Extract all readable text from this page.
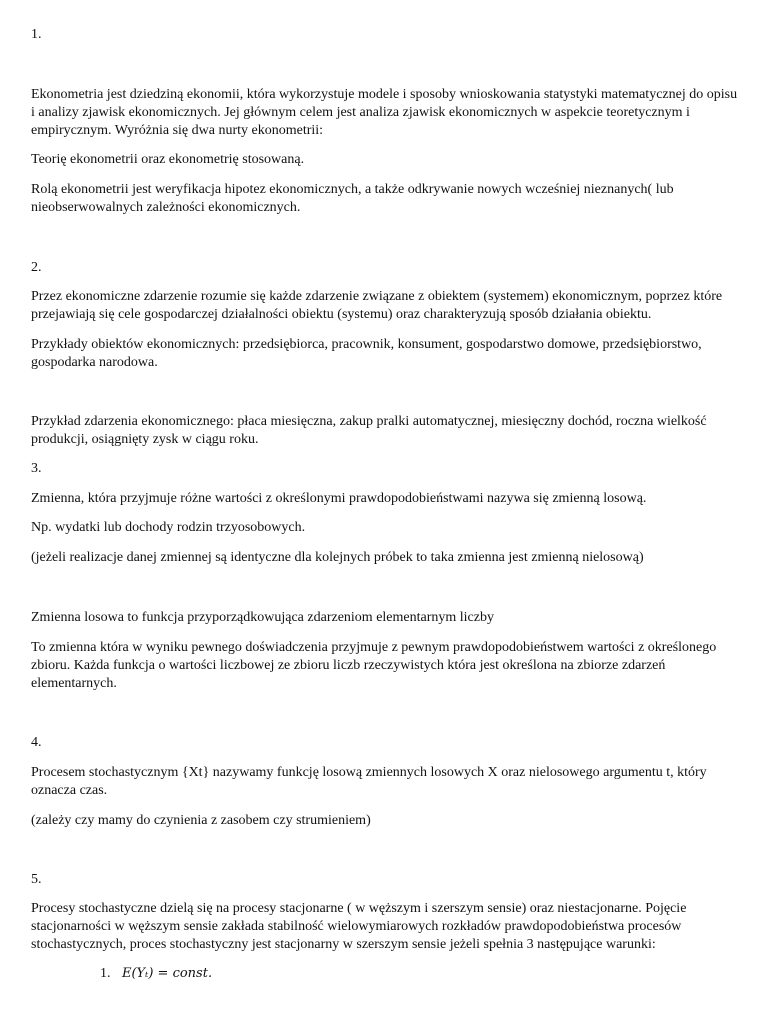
1.

Ekonometria jest dziedziną ekonomii, która wykorzystuje modele i sposoby wnioskowania statystyki matematycznej do opisu i analizy zjawisk ekonomicznych. Jej głównym celem jest analiza zjawisk ekonomicznych w aspekcie teoretycznym i empirycznym. Wyróżnia się dwa nurty ekonometrii:

Teorię ekonometrii oraz ekonometrię stosowaną.

Rolą ekonometrii jest weryfikacja hipotez ekonomicznych, a także odkrywanie nowych wcześniej nieznanych( lub nieobserwowalnych zależności ekonomicznych.

2.

Przez ekonomiczne zdarzenie rozumie się każde zdarzenie związane z obiektem (systemem) ekonomicznym, poprzez które przejawiają się cele gospodarczej działalności obiektu (systemu) oraz charakteryzują sposób działania obiektu.

Przykłady obiektów ekonomicznych: przedsiębiorca, pracownik, konsument, gospodarstwo domowe, przedsiębiorstwo, gospodarka narodowa.

Przykład zdarzenia ekonomicznego: płaca miesięczna, zakup pralki automatycznej, miesięczny dochód, roczna wielkość produkcji, osiągnięty zysk w ciągu roku.

3.

Zmienna, która przyjmuje różne wartości z określonymi prawdopodobieństwami nazywa się zmienną losową.

Np. wydatki lub dochody rodzin trzyosobowych.

(jeżeli realizacje danej zmiennej są identyczne dla kolejnych próbek to taka zmienna jest zmienną nielosową)

Zmienna losowa to funkcja przyporządkowująca zdarzeniom elementarnym liczby

To zmienna która w wyniku pewnego doświadczenia przyjmuje z pewnym prawdopodobieństwem wartości z określonego zbioru. Każda funkcja o wartości liczbowej ze zbioru liczb rzeczywistych która jest określona na zbiorze zdarzeń elementarnych.

4.

Procesem stochastycznym {Xt} nazywamy funkcję losową zmiennych losowych X oraz nielosowego argumentu t, który oznacza czas.

(zależy czy mamy do czynienia z zasobem czy strumieniem)

5.

Procesy stochastyczne dzielą się na procesy stacjonarne ( w węższym i szerszym sensie) oraz niestacjonarne. Pojęcie stacjonarności w węższym sensie zakłada stabilność wielowymiarowych rozkładów prawdopodobieństwa procesów stochastycznych, proces stochastyczny jest stacjonarny w szerszym sensie jeżeli spełnia 3 następujące warunki:

1. E(Yₜ) = const.
